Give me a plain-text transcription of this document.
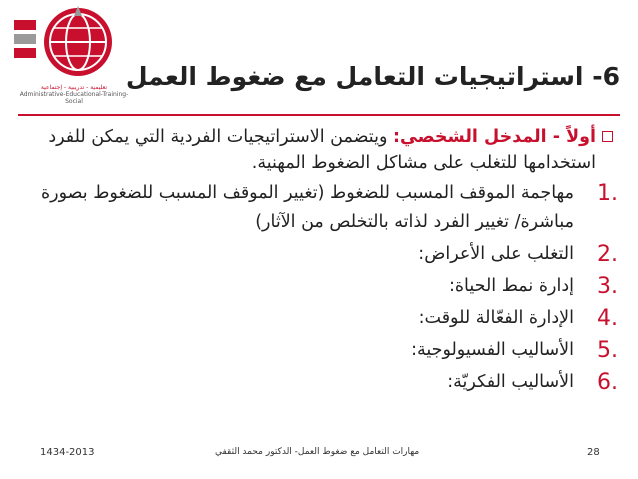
تعليمية - تدريبية - إجتماعية
Administrative-Educational-Training-Social
6- استراتيجيات التعامل مع ضغوط العمل
أولاً - المدخل الشخصي: ويتضمن الاستراتيجيات الفردية التي يمكن للفرد استخدامها للتغلب على مشاكل الضغوط المهنية.
1.
مهاجمة الموقف المسبب للضغوط (تغيير الموقف المسبب للضغوط بصورة مباشرة/ تغيير الفرد لذاته بالتخلص من الآثار)
2.
التغلب على الأعراض:
3.
إدارة نمط الحياة:
4.
الإدارة الفعّالة للوقت:
5.
الأساليب الفسيولوجية:
6.
الأساليب الفكريّة:
1434-2013	مهارات التعامل مع ضغوط العمل- الدكتور محمد الثقفي	28
